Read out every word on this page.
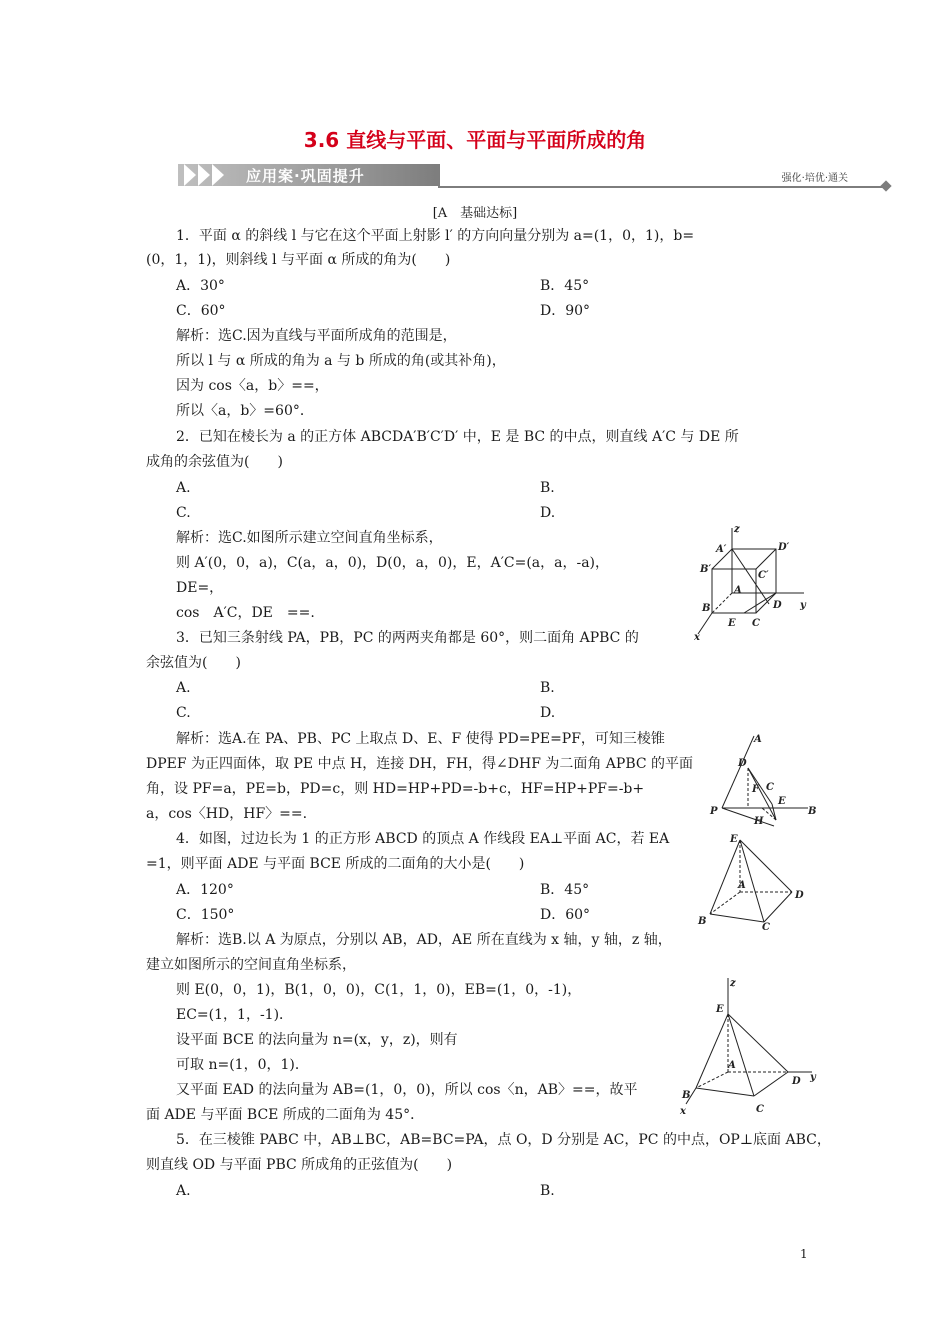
3.6 直线与平面、平面与平面所成的角
应用案·巩固提升	强化·培优·通关
[A　基础达标]
1．平面 α 的斜线 l 与它在这个平面上射影 l′ 的方向向量分别为 a=(1，0，1)，b=
(0，1，1)，则斜线 l 与平面 α 所成的角为(　　)
A．30°	B．45°
C．60°	D．90°
解析：选C.因为直线与平面所成角的范围是，
所以 l 与 α 所成的角为 a 与 b 所成的角(或其补角)，
因为 cos〈a，b〉==，
所以〈a，b〉=60°．
2．已知在棱长为 a 的正方体 ABCDA′B′C′D′ 中，E 是 BC 的中点，则直线 A′C 与 DE 所
成角的余弦值为(　　)
A.	B.
C.	D.
解析：选C.如图所示建立空间直角坐标系，
则 A′(0，0，a)，C(a，a，0)，D(0，a，0)，E，A′C=(a，a，-a)，
DE=，
cos　A′C，DE　==.
z
A′	D′
B′
C′
A
B	D y
E C
x
3．已知三条射线 PA，PB，PC 的两两夹角都是 60°，则二面角 APBC 的
余弦值为(　　)
A.	B.
C.	D.
解析：选A.在 PA、PB、PC 上取点 D、E、F 使得 PD=PE=PF，可知三棱锥
DPEF 为正四面体，取 PE 中点 H，连接 DH，FH，得∠DHF 为二面角 APBC 的平面
角，设 PF=a，PE=b，PD=c，则 HD=HP+PD=-b+c，HF=HP+PF=-b+
a，cos〈HD，HF〉==.
A
D
F C
E
B
P
H
4．如图，过边长为 1 的正方形 ABCD 的顶点 A 作线段 EA⊥平面 AC，若 EA
=1，则平面 ADE 与平面 BCE 所成的二面角的大小是(　　)
A．120°	B．45°
C．150°	D．60°
解析：选B.以 A 为原点，分别以 AB，AD，AE 所在直线为 x 轴，y 轴，z 轴，
建立如图所示的空间直角坐标系，
则 E(0，0，1)，B(1，0，0)，C(1，1，0)，EB=(1，0，-1)，
EC=(1，1，-1)．
设平面 BCE 的法向量为 n=(x，y，z)，则有
可取 n=(1，0，1)．
又平面 EAD 的法向量为 AB=(1，0，0)，所以 cos〈n，AB〉==，故平
面 ADE 与平面 BCE 所成的二面角为 45°．
E
A
D
B
C
z
E
A
D y
B
C
x
5．在三棱锥 PABC 中，AB⊥BC，AB=BC=PA，点 O，D 分别是 AC，PC 的中点，OP⊥底面 ABC，
则直线 OD 与平面 PBC 所成角的正弦值为(　　)
A.	B.
1
